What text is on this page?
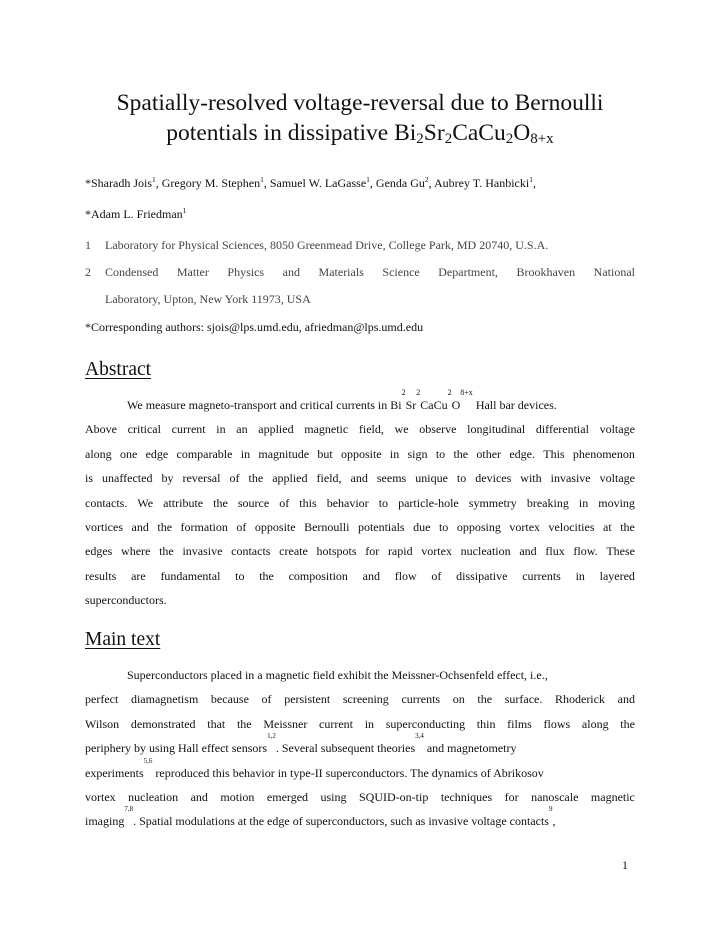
Spatially-resolved voltage-reversal due to Bernoulli
potentials in dissipative $Bi_2Sr_2CaCu_2O_{8+x}$
*Sharadh Jois$^1$, Gregory M. Stephen$^1$, Samuel W. LaGasse$^1$, Genda Gu$^2$, Aubrey T. Hanbicki$^1$,
*Adam L. Friedman$^1$
1	Laboratory for Physical Sciences, 8050 Greenmead Drive, College Park, MD 20740, U.S.A.
2	Condensed Matter Physics and Materials Science Department, Brookhaven National
Laboratory, Upton, New York 11973, USA
*Corresponding authors: sjois@lps.umd.edu, afriedman@lps.umd.edu
Abstract
We measure magneto-transport and critical currents in Bi
2
Sr
2
CaCu
2
O
8+x
Hall bar devices.
Above critical current in an applied magnetic field, we observe longitudinal differential voltage
along one edge comparable in magnitude but opposite in sign to the other edge. This phenomenon
is unaffected by reversal of the applied field, and seems unique to devices with invasive voltage
contacts. We attribute the source of this behavior to particle-hole symmetry breaking in moving
vortices and the formation of opposite Bernoulli potentials due to opposing vortex velocities at the
edges where the invasive contacts create hotspots for rapid vortex nucleation and flux flow. These
results are fundamental to the composition and flow of dissipative currents in layered
superconductors.
Main text
Superconductors placed in a magnetic field exhibit the Meissner-Ochsenfeld effect, i.e.,
perfect diamagnetism because of persistent screening currents on the surface. Rhoderick and
Wilson demonstrated that the Meissner current in superconducting thin films flows along the
periphery by using Hall effect sensors
1,2
. Several subsequent theories
3,4
and magnetometry
experiments
5,6
reproduced this behavior in type-II superconductors. The dynamics of Abrikosov
vortex nucleation and motion emerged using SQUID-on-tip techniques for nanoscale magnetic
imaging
7,8
. Spatial modulations at the edge of superconductors, such as invasive voltage contacts
9
,
1
